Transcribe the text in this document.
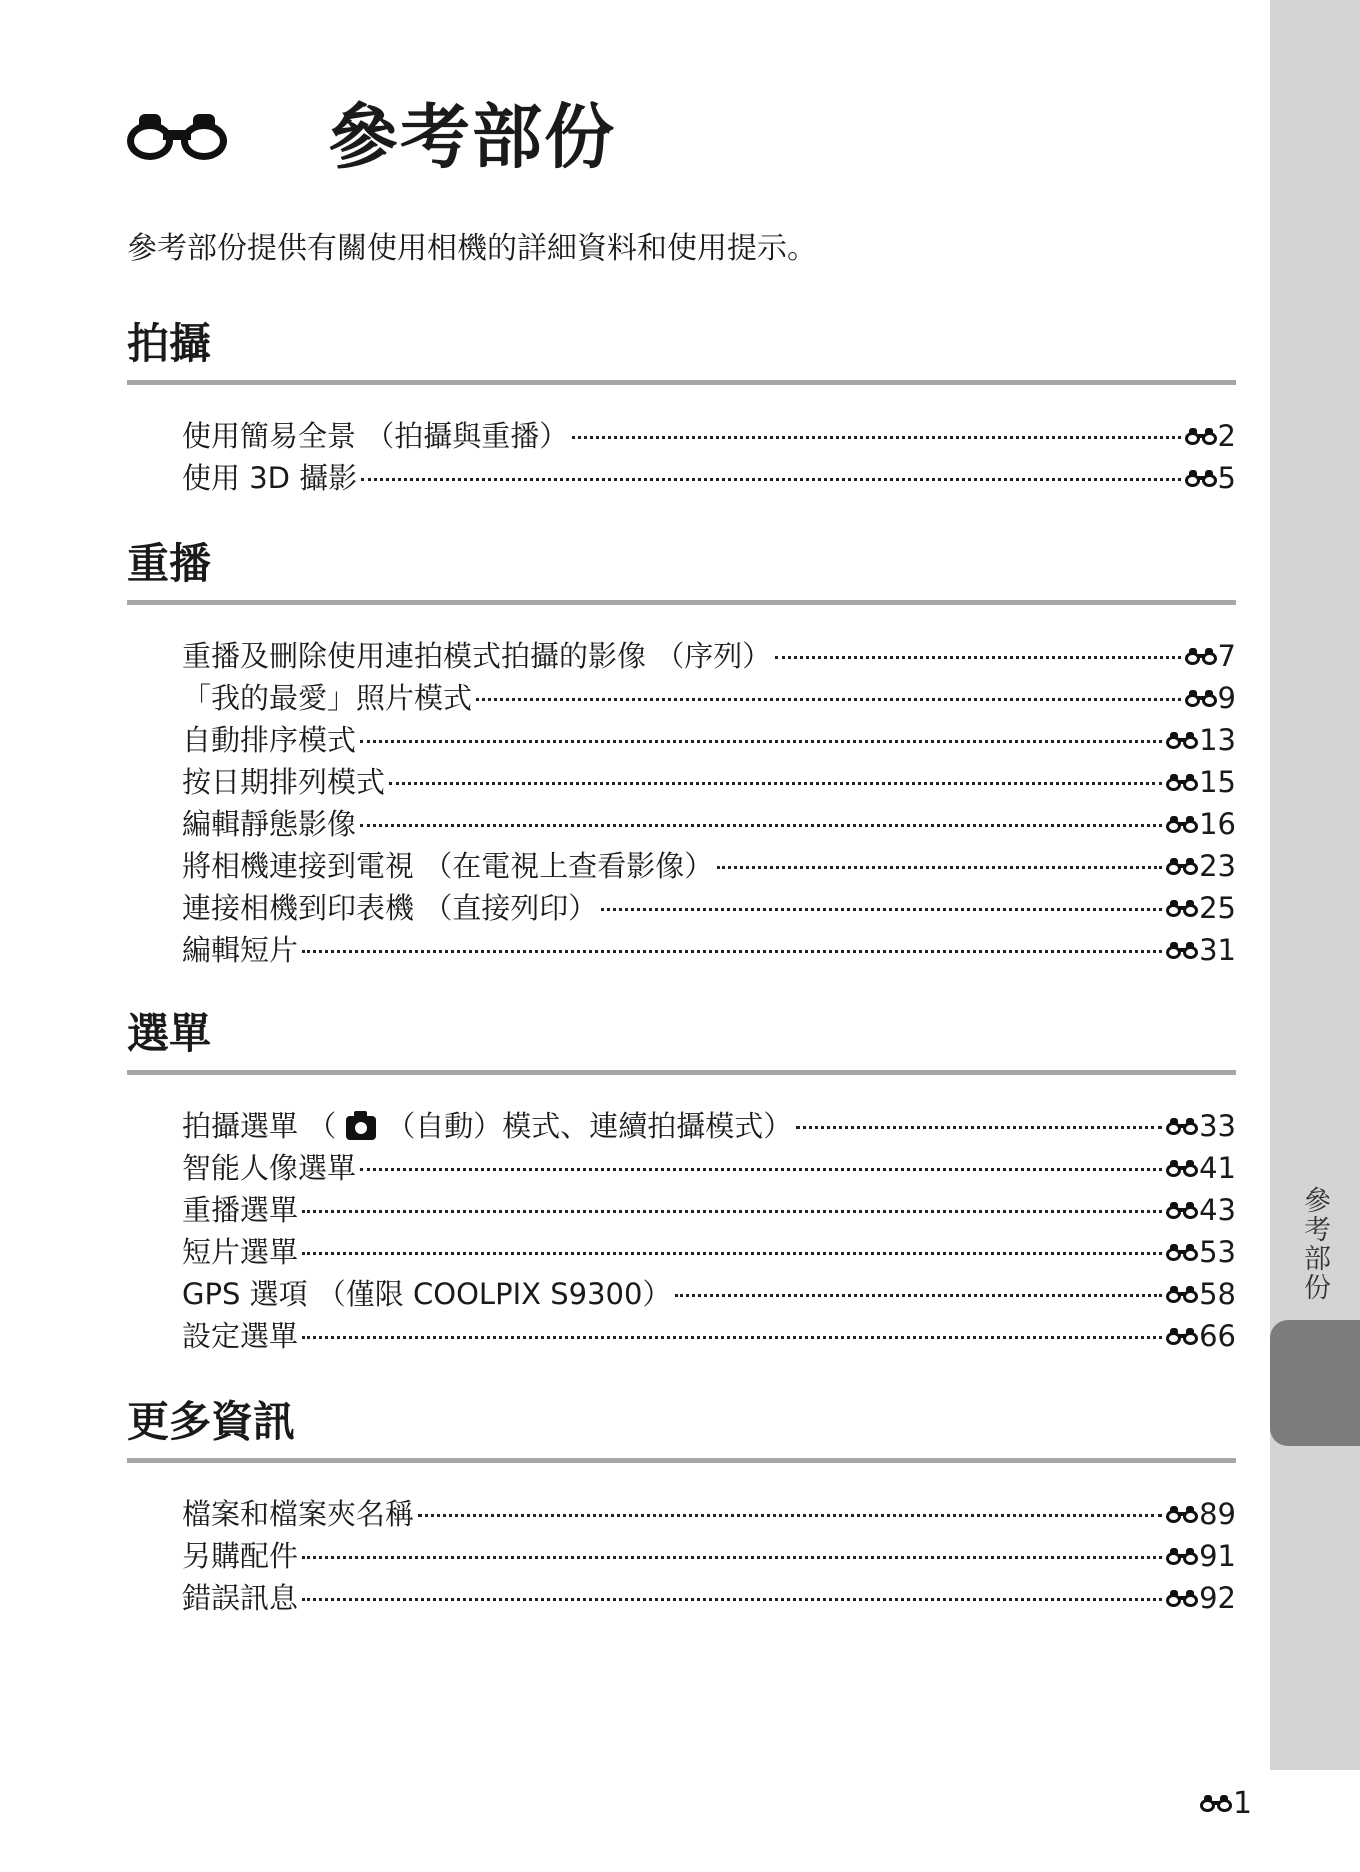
參考部份
參考部份提供有關使用相機的詳細資料和使用提示。
拍攝
使用簡易全景 （拍攝與重播）	2
使用 3D 攝影	5
重播
重播及刪除使用連拍模式拍攝的影像 （序列）	7
「我的最愛」照片模式	9
自動排序模式	13
按日期排列模式	15
編輯靜態影像	16
將相機連接到電視 （在電視上查看影像）	23
連接相機到印表機 （直接列印）	25
編輯短片	31
選單
拍攝選單 （ （自動）模式、連續拍攝模式）	33
智能人像選單	41
重播選單	43
短片選單	53
GPS 選項 （僅限 COOLPIX S9300）	58
設定選單	66
更多資訊
檔案和檔案夾名稱	89
另購配件	91
錯誤訊息	92
參考部份
1
